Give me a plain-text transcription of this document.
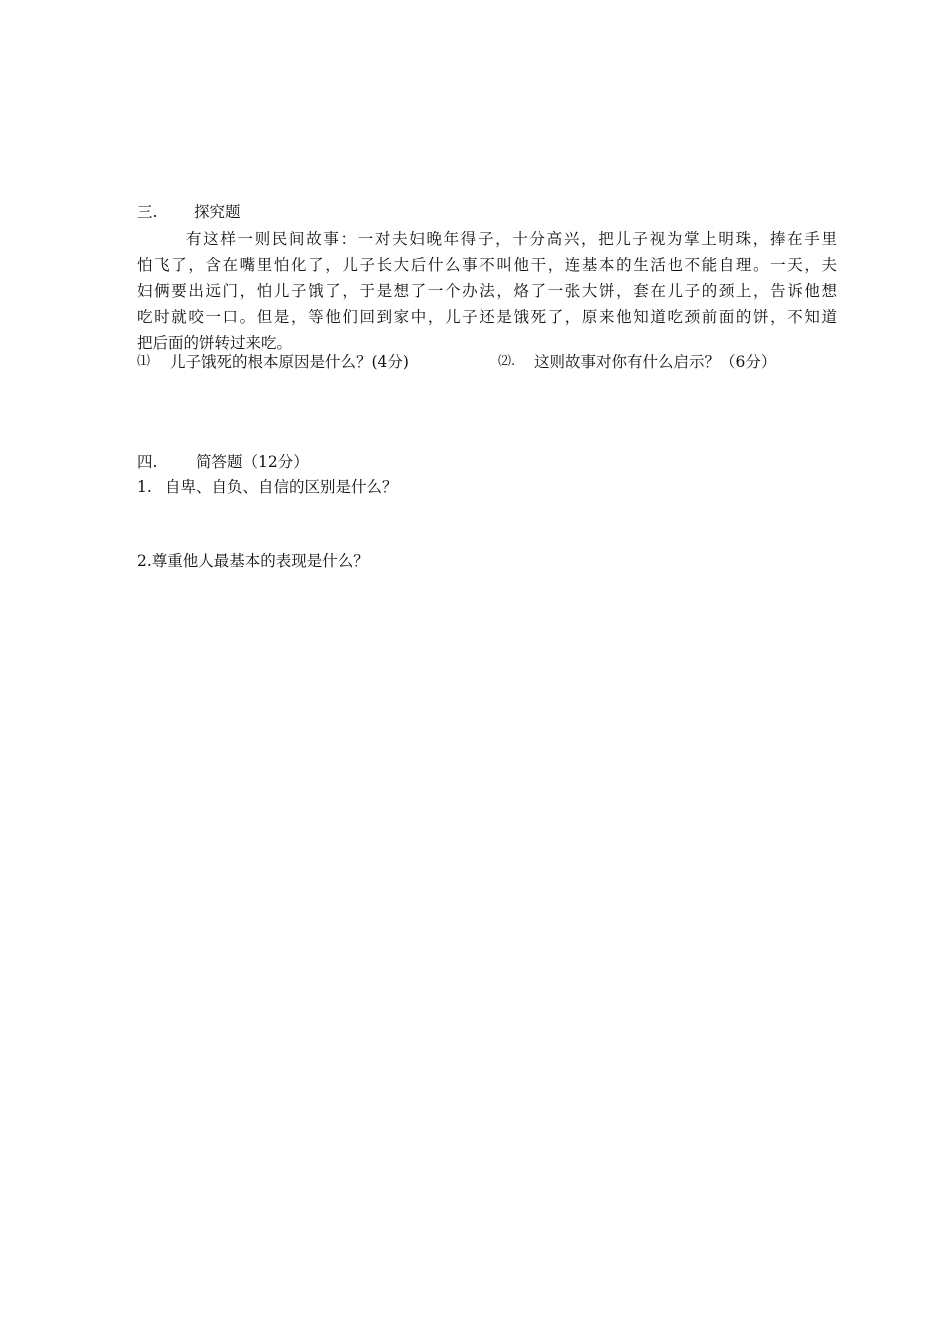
三. 探究题
有这样一则民间故事：一对夫妇晚年得子，十分高兴，把儿子视为掌上明珠，捧在手里
怕飞了，含在嘴里怕化了，儿子长大后什么事不叫他干，连基本的生活也不能自理。一天，夫
妇俩要出远门，怕儿子饿了，于是想了一个办法，烙了一张大饼，套在儿子的颈上，告诉他想
吃时就咬一口。但是，等他们回到家中，儿子还是饿死了，原来他知道吃颈前面的饼，不知道
把后面的饼转过来吃。
⑴ 儿子饿死的根本原因是什么？(4分)	⑵. 这则故事对你有什么启示？（6分）
四. 简答题（12分）
1. 自卑、自负、自信的区别是什么？
2.尊重他人最基本的表现是什么？
